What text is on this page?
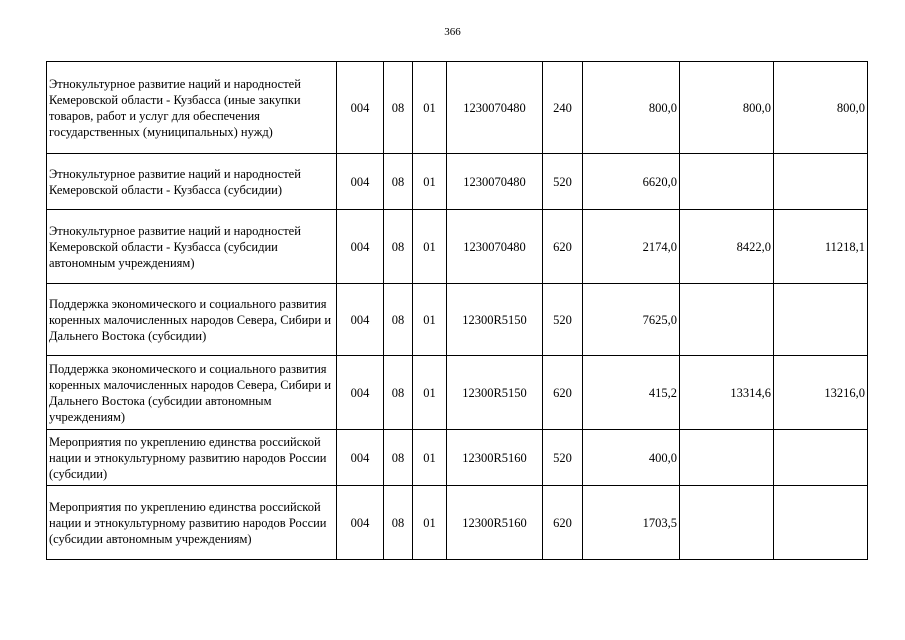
366
Этнокультурное развитие наций и народностей Кемеровской области - Кузбасса (иные закупки товаров, работ и услуг для обеспечения государственных (муниципальных) нужд)	004	08	01	1230070480	240	800,0	800,0	800,0
Этнокультурное развитие наций и народностей Кемеровской области - Кузбасса (субсидии)	004	08	01	1230070480	520	6620,0		
Этнокультурное развитие наций и народностей Кемеровской области - Кузбасса (субсидии автономным учреждениям)	004	08	01	1230070480	620	2174,0	8422,0	11218,1
Поддержка экономического и социального развития коренных малочисленных народов Севера, Сибири и Дальнего Востока (субсидии)	004	08	01	12300R5150	520	7625,0		
Поддержка экономического и социального развития коренных малочисленных народов Севера, Сибири и Дальнего Востока (субсидии автономным учреждениям)	004	08	01	12300R5150	620	415,2	13314,6	13216,0
Мероприятия по укреплению единства российской нации и этнокультурному развитию народов России (субсидии)	004	08	01	12300R5160	520	400,0		
Мероприятия по укреплению единства российской нации и этнокультурному развитию народов России (субсидии автономным учреждениям)	004	08	01	12300R5160	620	1703,5		
